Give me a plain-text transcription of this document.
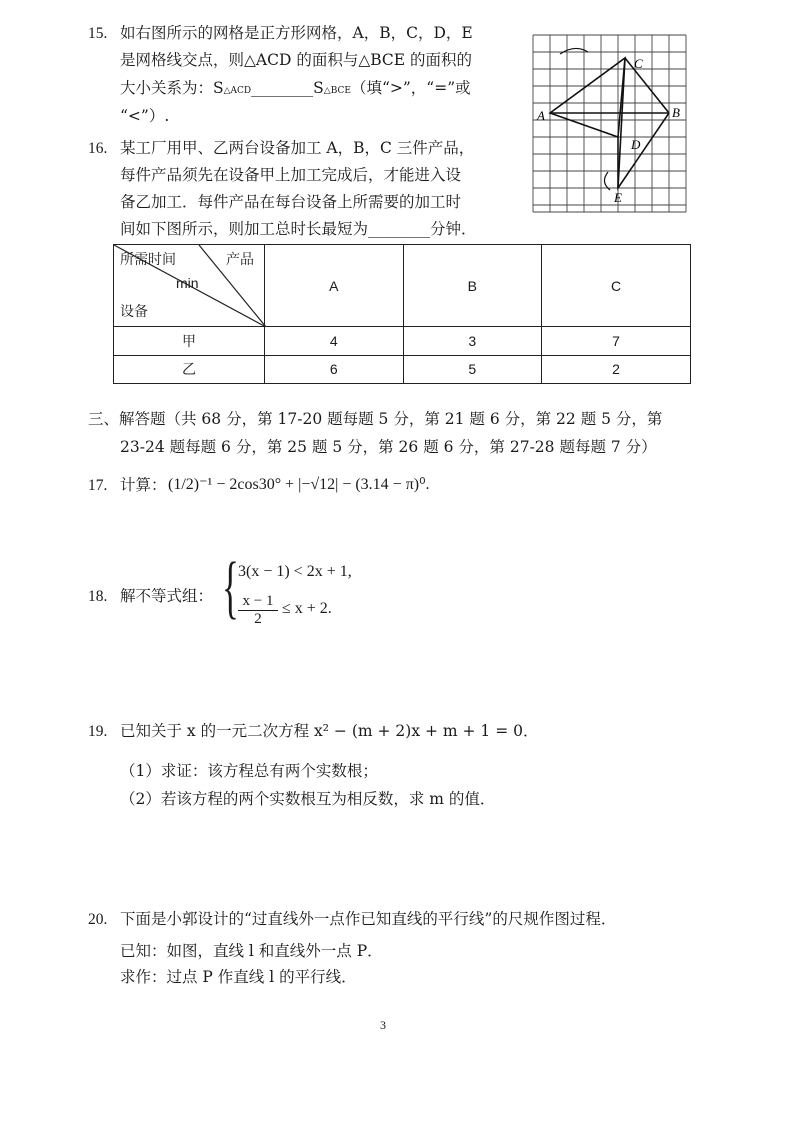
15. 如右图所示的网格是正方形网格，A，B，C，D，E
是网格线交点，则△ACD 的面积与△BCE 的面积的
大小关系为：S△ACD________S△BCE（填“>”，“=”或
“<”）.	A	B
C
D
E
16. 某工厂用甲、乙两台设备加工 A，B，C 三件产品，
每件产品须先在设备甲上加工完成后，才能进入设
备乙加工．每件产品在每台设备上所需要的加工时
间如下图所示，则加工总时长最短为________分钟．
所需时间 产品
min
设备	A	B	C
甲	4	3	7
乙	6	5	2
三、解答题（共 68 分，第 17-20 题每题 5 分，第 21 题 6 分，第 22 题 5 分，第
23-24 题每题 6 分，第 25 题 5 分，第 26 题 6 分，第 27-28 题每题 7 分）
17. 计算： (1/2)⁻¹ − 2cos30° + |−√12| − (3.14 − π)⁰.
18. 解不等式组： { 3(x − 1) < 2x + 1,
x − 1
2
≤ x + 2.
19. 已知关于 x 的一元二次方程 x² − (m + 2)x + m + 1 = 0．
（1）求证：该方程总有两个实数根；
（2）若该方程的两个实数根互为相反数，求 m 的值．
20. 下面是小郭设计的“过直线外一点作已知直线的平行线”的尺规作图过程．
已知：如图，直线 l 和直线外一点 P．
求作：过点 P 作直线 l 的平行线．
3
